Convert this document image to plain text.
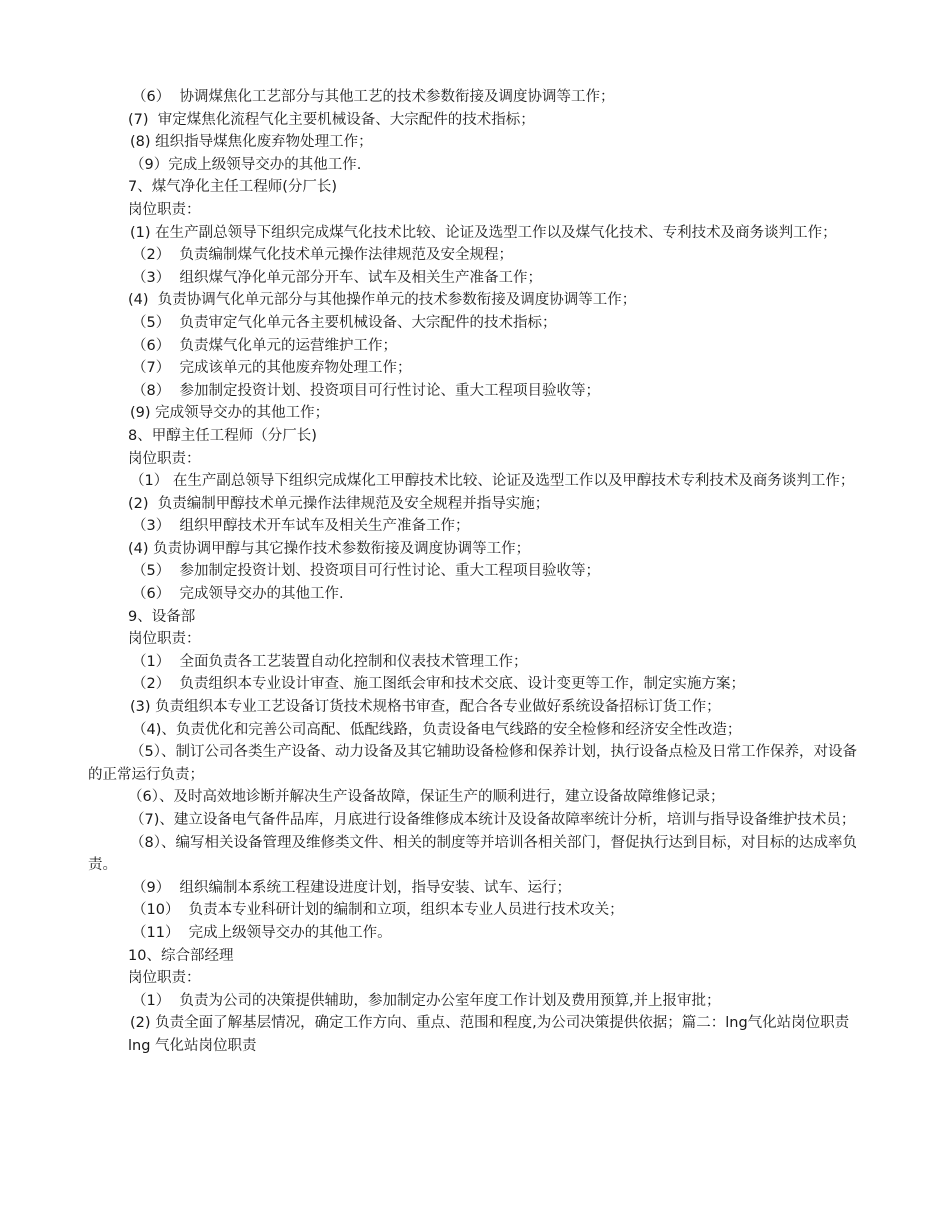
（6）  协调煤焦化工艺部分与其他工艺的技术参数衔接及调度协调等工作；
(7)  审定煤焦化流程气化主要机械设备、大宗配件的技术指标；
(8) 组织指导煤焦化废弃物处理工作；
（9）完成上级领导交办的其他工作.
7、煤气净化主任工程师(分厂长)
岗位职责：
(1) 在生产副总领导下组织完成煤气化技术比较、论证及选型工作以及煤气化技术、专利技术及商务谈判工作；
（2）  负责编制煤气化技术单元操作法律规范及安全规程；
（3）  组织煤气净化单元部分开车、试车及相关生产准备工作；
(4)  负责协调气化单元部分与其他操作单元的技术参数衔接及调度协调等工作；
（5）  负责审定气化单元各主要机械设备、大宗配件的技术指标；
（6）  负责煤气化单元的运营维护工作；
（7）  完成该单元的其他废弃物处理工作；
（8）  参加制定投资计划、投资项目可行性讨论、重大工程项目验收等；
(9) 完成领导交办的其他工作；
8、甲醇主任工程师（分厂长)
岗位职责：
（1） 在生产副总领导下组织完成煤化工甲醇技术比较、论证及选型工作以及甲醇技术专利技术及商务谈判工作；
(2)  负责编制甲醇技术单元操作法律规范及安全规程并指导实施；
（3）  组织甲醇技术开车试车及相关生产准备工作；
(4) 负责协调甲醇与其它操作技术参数衔接及调度协调等工作；
（5）  参加制定投资计划、投资项目可行性讨论、重大工程项目验收等；
（6）  完成领导交办的其他工作.
9、设备部
岗位职责：
（1）  全面负责各工艺装置自动化控制和仪表技术管理工作；
（2）  负责组织本专业设计审查、施工图纸会审和技术交底、设计变更等工作，制定实施方案；
(3) 负责组织本专业工艺设备订货技术规格书审查，配合各专业做好系统设备招标订货工作；
（4)、负责优化和完善公司高配、低配线路，负责设备电气线路的安全检修和经济安全性改造；
（5）、制订公司各类生产设备、动力设备及其它辅助设备检修和保养计划，执行设备点检及日常工作保养，对设备的正常运行负责；
（6）、及时高效地诊断并解决生产设备故障，保证生产的顺利进行，建立设备故障维修记录；
（7)、建立设备电气备件品库，月底进行设备维修成本统计及设备故障率统计分析，培训与指导设备维护技术员；
（8）、编写相关设备管理及维修类文件、相关的制度等并培训各相关部门，督促执行达到目标，对目标的达成率负责。
（9）  组织编制本系统工程建设进度计划，指导安装、试车、运行；
（10）  负责本专业科研计划的编制和立项，组织本专业人员进行技术攻关；
（11）  完成上级领导交办的其他工作。
10、综合部经理
岗位职责：
（1）  负责为公司的决策提供辅助，参加制定办公室年度工作计划及费用预算,并上报审批；
(2) 负责全面了解基层情况，确定工作方向、重点、范围和程度,为公司决策提供依据；篇二：lng气化站岗位职责
lng 气化站岗位职责
